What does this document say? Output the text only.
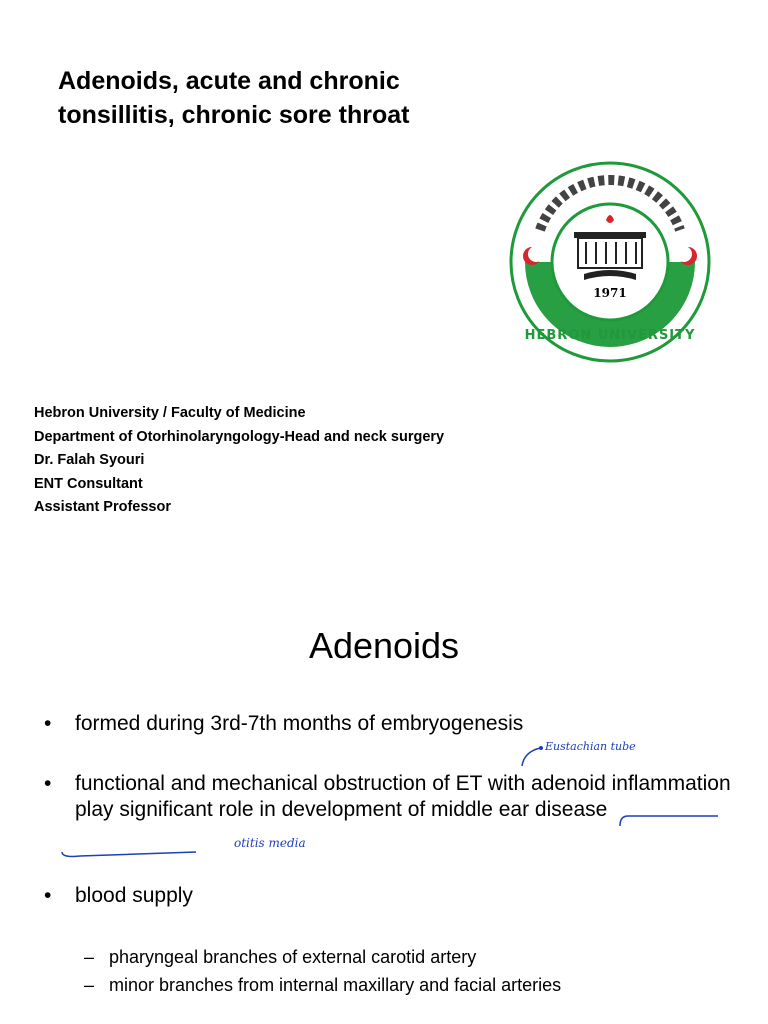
Adenoids, acute and chronic tonsillitis, chronic sore throat
1971
HEBRON UNIVERSITY
Hebron University / Faculty of Medicine
Department of Otorhinolaryngology-Head and neck surgery
Dr. Falah Syouri
ENT Consultant
Assistant Professor
Adenoids
• formed during 3rd-7th months of embryogenesis
• functional and mechanical obstruction of ET with adenoid inflammation play significant role in development of middle ear disease
• blood supply
– pharyngeal branches of external carotid artery
– minor branches from internal maxillary and facial arteries
Eustachian tube
otitis media
